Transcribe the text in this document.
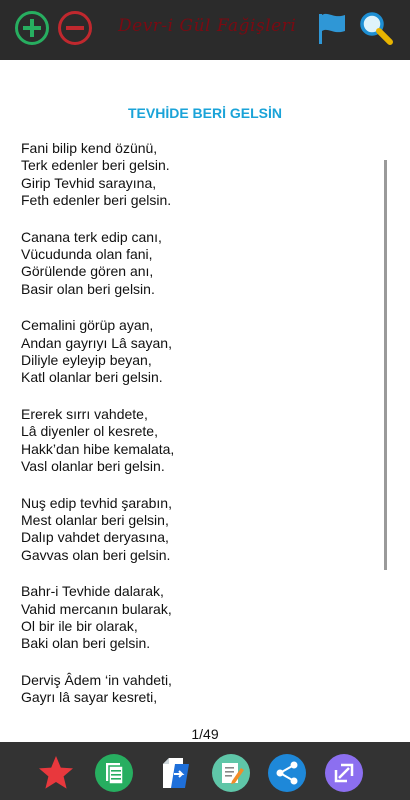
Devr-i Gül Fağişleri
TEVHİDE BERİ GELSİN
Fani bilip kend özünü,
Terk edenler beri gelsin.
Girip Tevhid sarayına,
Feth edenler beri gelsin.
Canana terk edip canı,
Vücudunda olan fani,
Görülende gören anı,
Basir olan beri gelsin.
Cemalini görüp ayan,
Andan gayrıyı Lâ sayan,
Diliyle eyleyip beyan,
Katl olanlar beri gelsin.
Ererek sırrı vahdete,
Lâ diyenler ol kesrete,
Hakk’dan hibe kemalata,
Vasl olanlar beri gelsin.
Nuş edip tevhid şarabın,
Mest olanlar beri gelsin,
Dalıp vahdet deryasına,
Gavvas olan beri gelsin.
Bahr-i Tevhide dalarak,
Vahid mercanın bularak,
Ol bir ile bir olarak,
Baki olan beri gelsin.
Derviş Âdem ‘in vahdeti,
Gayrı lâ sayar kesreti,
1/49
